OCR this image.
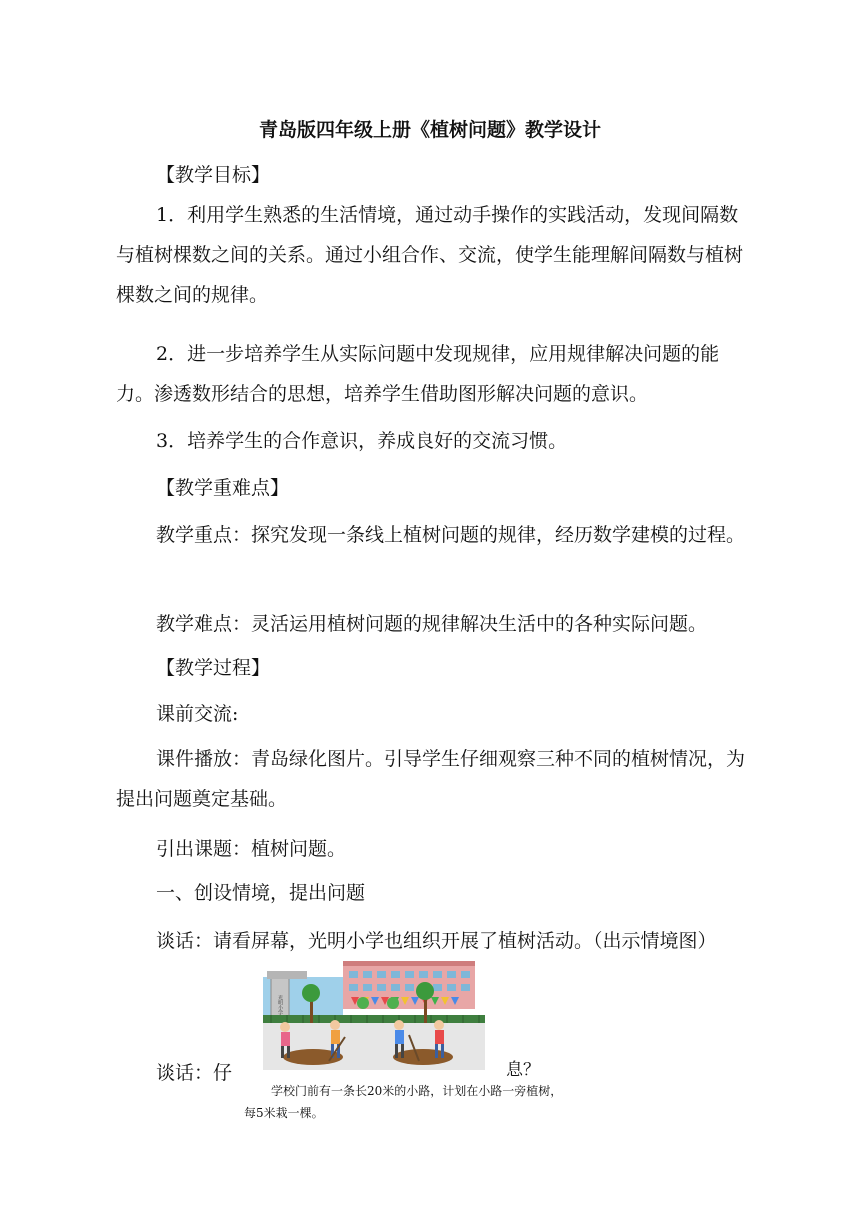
青岛版四年级上册《植树问题》教学设计
【教学目标】
1．利用学生熟悉的生活情境，通过动手操作的实践活动，发现间隔数与植树棵数之间的关系。通过小组合作、交流，使学生能理解间隔数与植树棵数之间的规律。
2．进一步培养学生从实际问题中发现规律，应用规律解决问题的能力。渗透数形结合的思想，培养学生借助图形解决问题的意识。
3．培养学生的合作意识，养成良好的交流习惯。
【教学重难点】
教学重点：探究发现一条线上植树问题的规律，经历数学建模的过程。
教学难点：灵活运用植树问题的规律解决生活中的各种实际问题。
【教学过程】
课前交流:
课件播放：青岛绿化图片。引导学生仔细观察三种不同的植树情况，为提出问题奠定基础。
引出课题：植树问题。
一、创设情境，提出问题
谈话：请看屏幕，光明小学也组织开展了植树活动。（出示情境图）
谈话：仔	息？
光明小学
学校门前有一条长20米的小路，计划在小路一旁植树，
每5米栽一棵。
